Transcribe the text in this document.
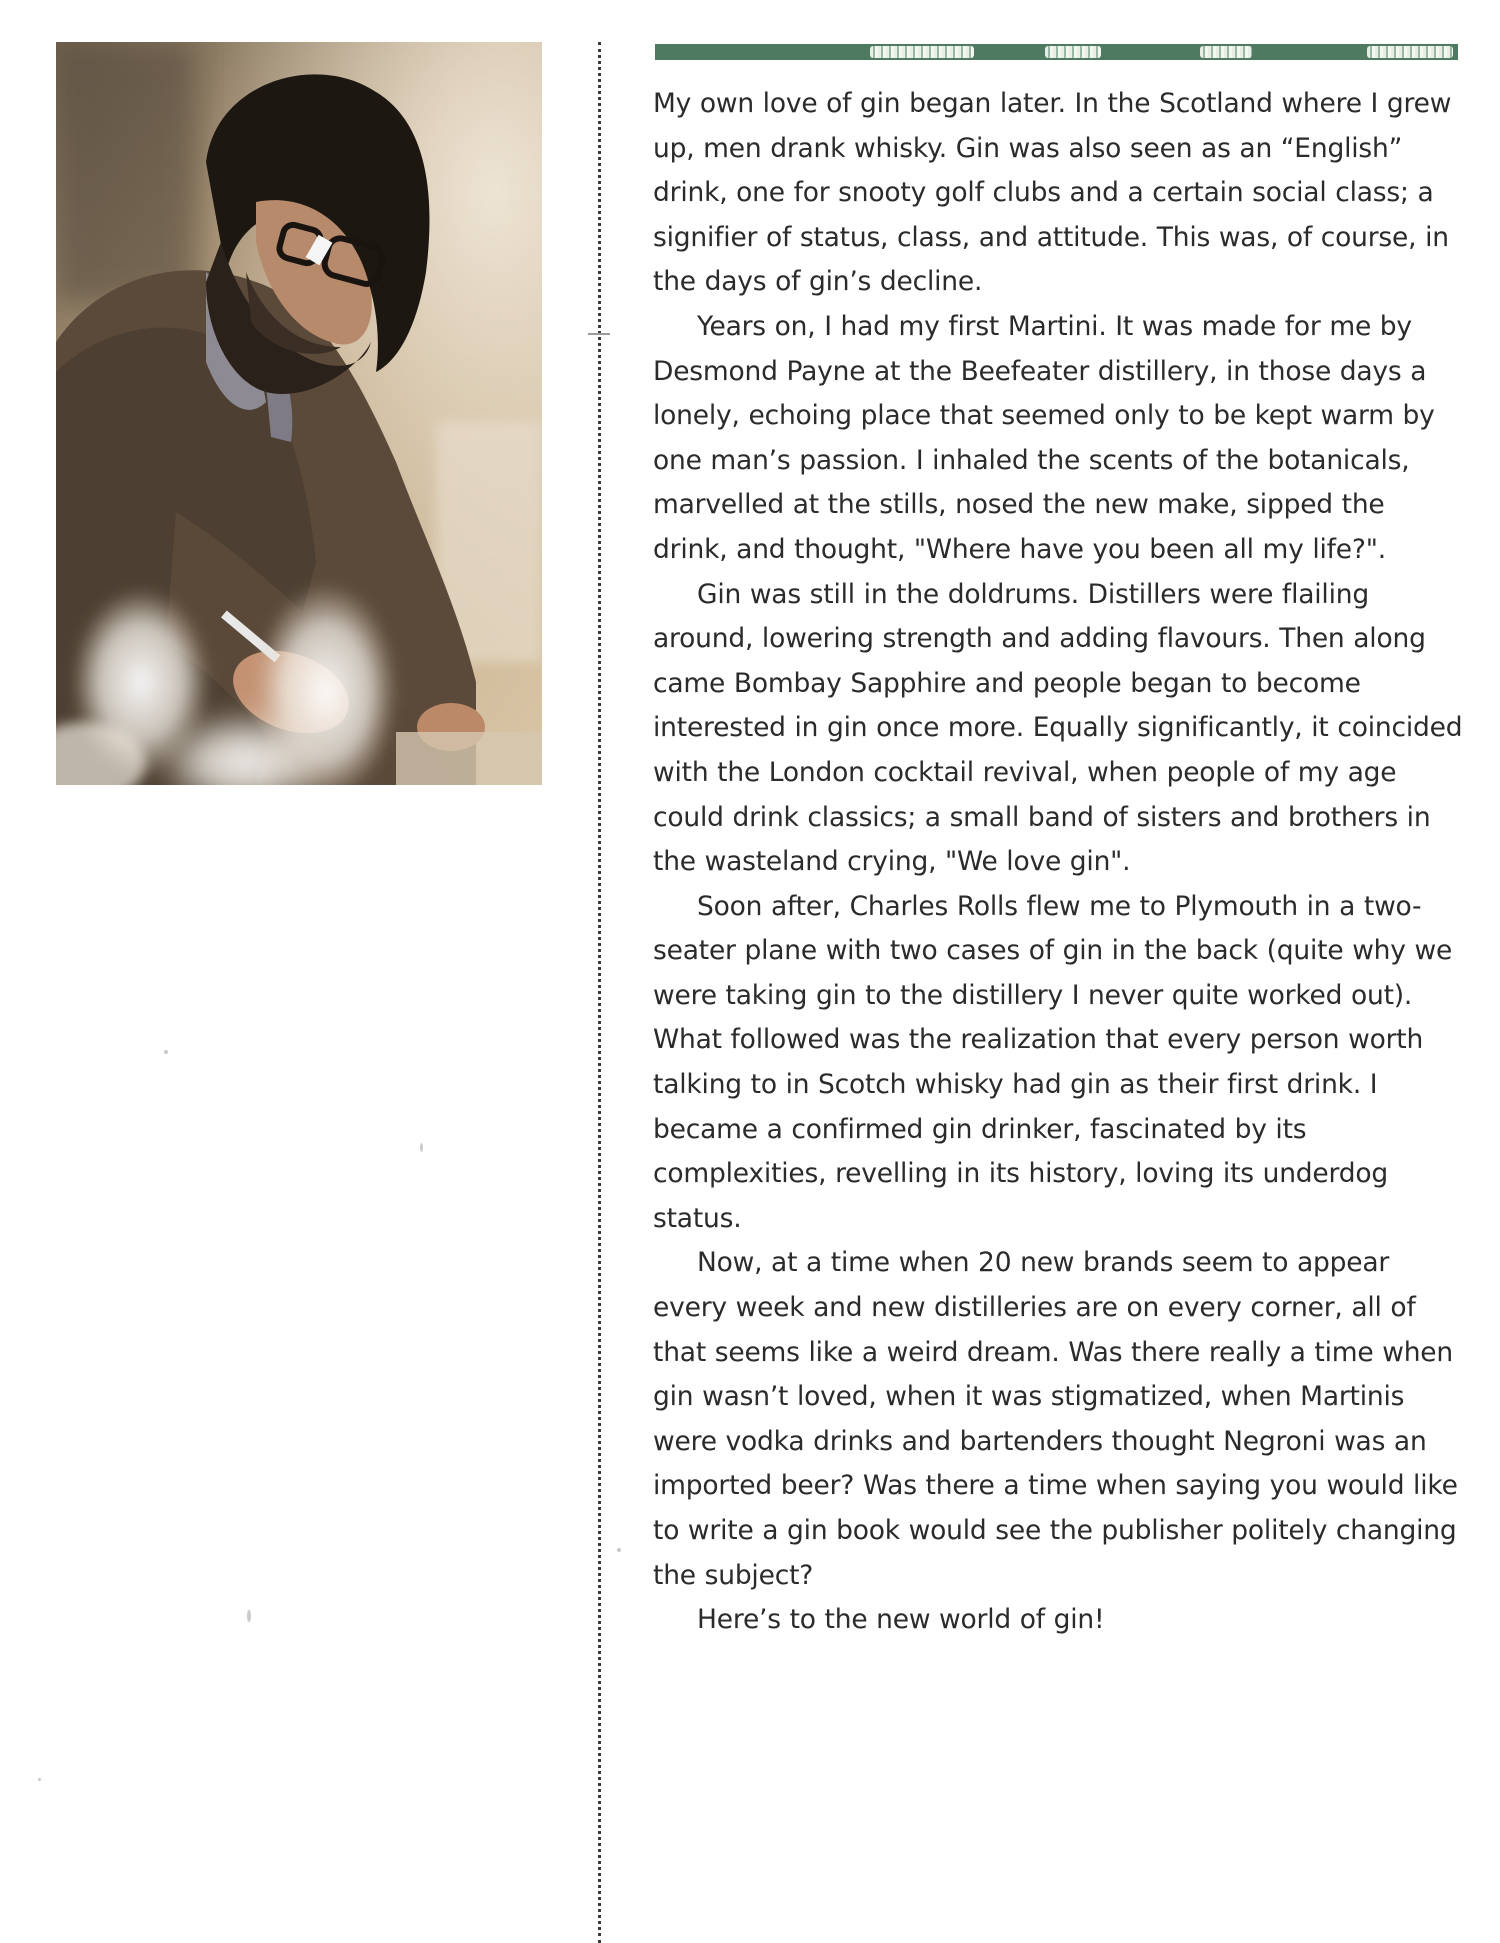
My own love of gin began later. In the Scotland where I grew up, men drank whisky. Gin was also seen as an “English” drink, one for snooty golf clubs and a certain social class; a signifier of status, class, and attitude. This was, of course, in the days of gin’s decline.

Years on, I had my first Martini. It was made for me by Desmond Payne at the Beefeater distillery, in those days a lonely, echoing place that seemed only to be kept warm by one man’s passion. I inhaled the scents of the botanicals, marvelled at the stills, nosed the new make, sipped the drink, and thought, "Where have you been all my life?".

Gin was still in the doldrums. Distillers were flailing around, lowering strength and adding flavours. Then along came Bombay Sapphire and people began to become interested in gin once more. Equally significantly, it coincided with the London cocktail revival, when people of my age could drink classics; a small band of sisters and brothers in the wasteland crying, "We love gin".

Soon after, Charles Rolls flew me to Plymouth in a two-seater plane with two cases of gin in the back (quite why we were taking gin to the distillery I never quite worked out). What followed was the realization that every person worth talking to in Scotch whisky had gin as their first drink. I became a confirmed gin drinker, fascinated by its complexities, revelling in its history, loving its underdog status.

Now, at a time when 20 new brands seem to appear every week and new distilleries are on every corner, all of that seems like a weird dream. Was there really a time when gin wasn’t loved, when it was stigmatized, when Martinis were vodka drinks and bartenders thought Negroni was an imported beer? Was there a time when saying you would like to write a gin book would see the publisher politely changing the subject?

Here’s to the new world of gin!
